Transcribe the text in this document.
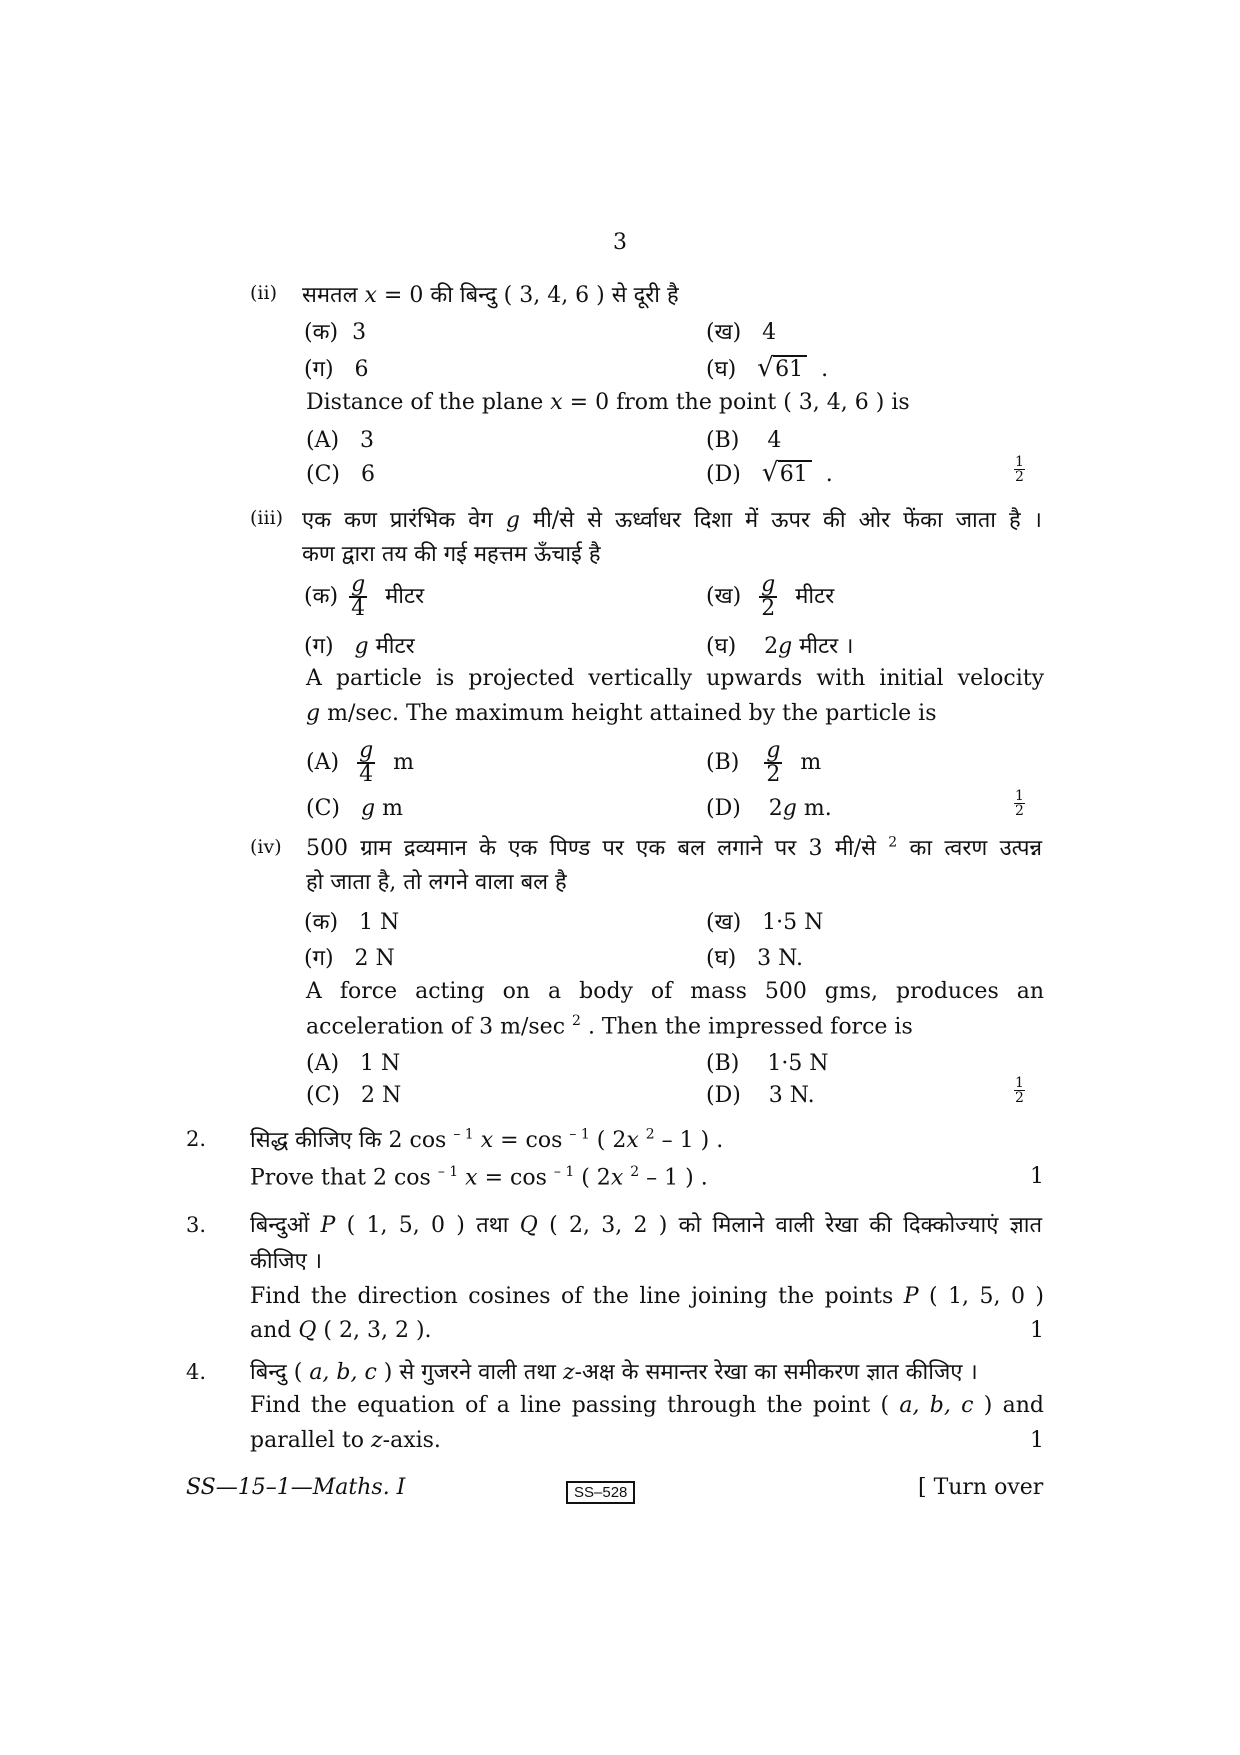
3
(ii) समतल x = 0 की बिन्दु ( 3, 4, 6 ) से दूरी है
(क) 3	(ख) 4
(ग) 6	(घ) √ 61 .
Distance of the plane x = 0 from the point ( 3, 4, 6 ) is
(A) 3	(B) 4
(C) 6	(D) √ 61 .	$\frac{1}{2}$
(iii) एक कण प्रारंभिक वेग g मी/से से ऊर्ध्वाधर दिशा में ऊपर की ओर फेंका जाता है ।
कण द्वारा तय की गई महत्तम ऊँचाई है
(क) $\frac{g}{4}$ मीटर	(ख) $\frac{g}{2}$ मीटर
(ग) g मीटर	(घ) 2g मीटर ।
A particle is projected vertically upwards with initial velocity
g m/sec. The maximum height attained by the particle is
$(A) \frac{g}{4}$ m	$(B) \frac{g}{2}$ m
(C) g m	(D) 2g m.	$\frac{1}{2}$
(iv) 500 ग्राम द्रव्यमान के एक पिण्ड पर एक बल लगाने पर 3 मी/से $^2$ का त्वरण उत्पन्न
हो जाता है, तो लगने वाला बल है
(क) 1 N	(ख) 1·5 N
(ग) 2 N	(घ) 3 N.
A force acting on a body of mass 500 gms, produces an
acceleration of 3 m/sec $^2$ . Then the impressed force is
(A) 1 N	(B) 1·5 N
(C) 2 N	(D) 3 N.	$\frac{1}{2}$
2. सिद्ध कीजिए कि 2 cos $^{- 1}$ x = cos $^{- 1}$ ( 2x $^2$ – 1 ) .
Prove that 2 cos $^{- 1}$ x = cos $^{- 1}$ ( 2x $^2$ – 1 ) .	1
3. बिन्दुओं P ( 1, 5, 0 ) तथा Q ( 2, 3, 2 ) को मिलाने वाली रेखा की दिक्कोज्याएं ज्ञात
कीजिए ।
Find the direction cosines of the line joining the points P ( 1, 5, 0 )
and Q ( 2, 3, 2 ).	1
4. बिन्दु ( a, b, c ) से गुजरने वाली तथा z-अक्ष के समान्तर रेखा का समीकरण ज्ञात कीजिए ।
Find the equation of a line passing through the point ( a, b, c ) and
parallel to z-axis.	1
SS—15–1—Maths. I	SS–528	[ Turn over
